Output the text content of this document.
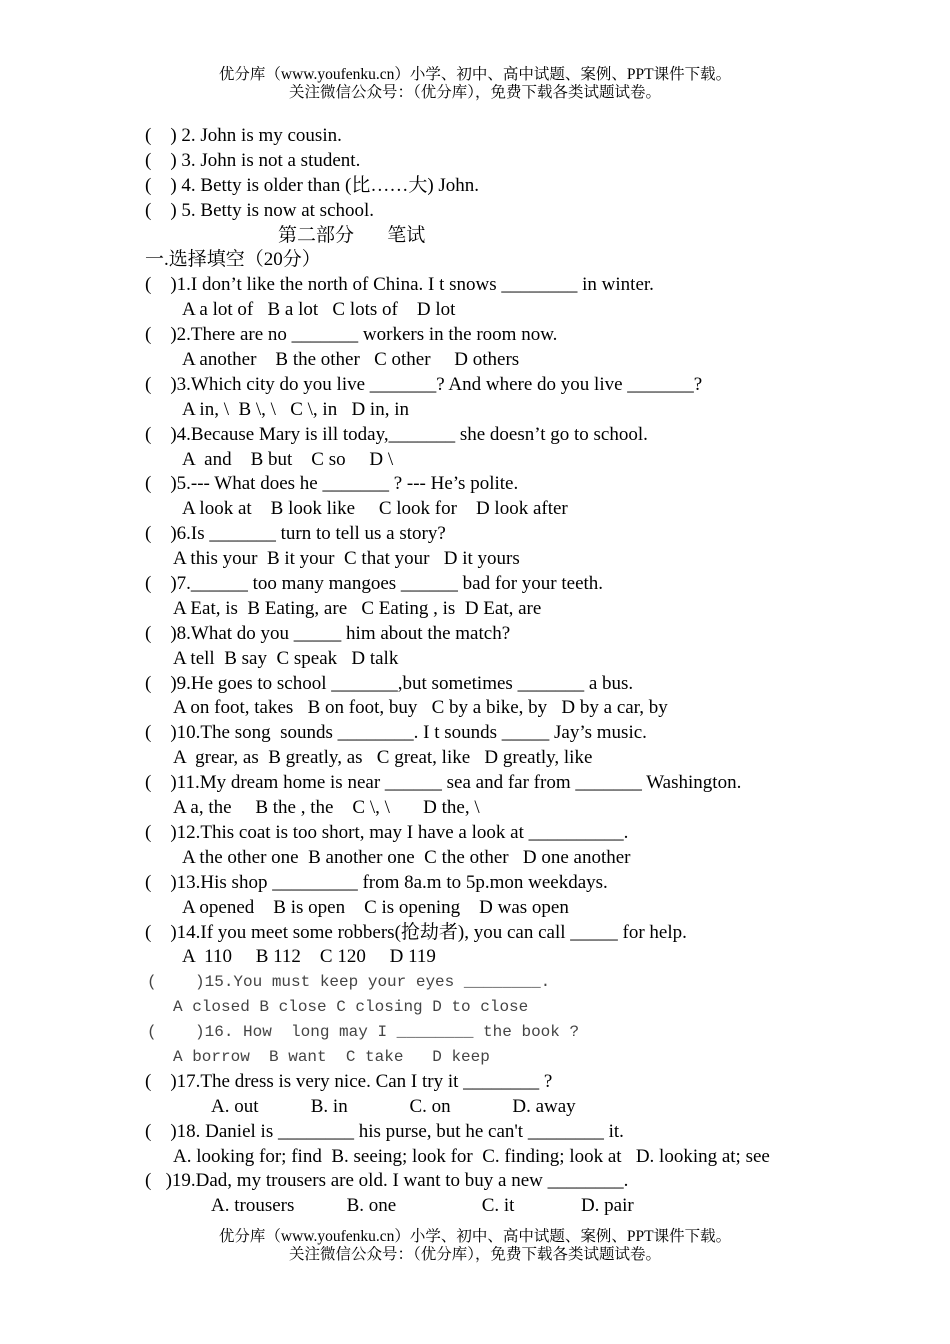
优分库（www.youfenku.cn）小学、初中、高中试题、案例、PPT课件下载。
关注微信公众号：（优分库），免费下载各类试题试卷。
(    ) 2. John is my cousin.
(    ) 3. John is not a student.
(    ) 4. Betty is older than (比……大) John.
(    ) 5. Betty is now at school.
第二部分       笔试
一.选择填空（20分）
(    )1.I don’t like the north of China. I t snows ________ in winter.
A a lot of   B a lot   C lots of    D lot
(    )2.There are no _______ workers in the room now.
A another    B the other   C other     D others
(    )3.Which city do you live _______? And where do you live _______?
A in, \  B \, \   C \, in   D in, in
(    )4.Because Mary is ill today,_______ she doesn’t go to school.
A  and    B but    C so     D \
(    )5.--- What does he _______ ? --- He’s polite.
A look at    B look like     C look for    D look after
(    )6.Is _______ turn to tell us a story?
A this your  B it your  C that your   D it yours
(    )7.______ too many mangoes ______ bad for your teeth.
A Eat, is  B Eating, are   C Eating , is  D Eat, are
(    )8.What do you _____ him about the match?
A tell  B say  C speak   D talk
(    )9.He goes to school _______,but sometimes _______ a bus.
A on foot, takes   B on foot, buy   C by a bike, by   D by a car, by
(    )10.The song  sounds ________. I t sounds _____ Jay’s music.
A  grear, as  B greatly, as   C great, like   D greatly, like
(    )11.My dream home is near ______ sea and far from _______ Washington.
A a, the     B the , the    C \, \       D the, \
(    )12.This coat is too short, may I have a look at __________.
A the other one  B another one  C the other   D one another
(    )13.His shop _________ from 8a.m to 5p.mon weekdays.
A opened    B is open    C is opening    D was open
(    )14.If you meet some robbers(抢劫者), you can call _____ for help.
A  110     B 112    C 120     D 119
(    )15.You must keep your eyes ________.
A closed B close C closing D to close
(    )16. How  long may I ________ the book ?
A borrow  B want  C take   D keep
(    )17.The dress is very nice. Can I try it ________ ?
A. out           B. in             C. on             D. away
(    )18. Daniel is ________ his purse, but he can't ________ it.
A. looking for; find  B. seeing; look for  C. finding; look at   D. looking at; see
(   )19.Dad, my trousers are old. I want to buy a new ________.
A. trousers           B. one                  C. it              D. pair
优分库（www.youfenku.cn）小学、初中、高中试题、案例、PPT课件下载。
关注微信公众号：（优分库），免费下载各类试题试卷。
